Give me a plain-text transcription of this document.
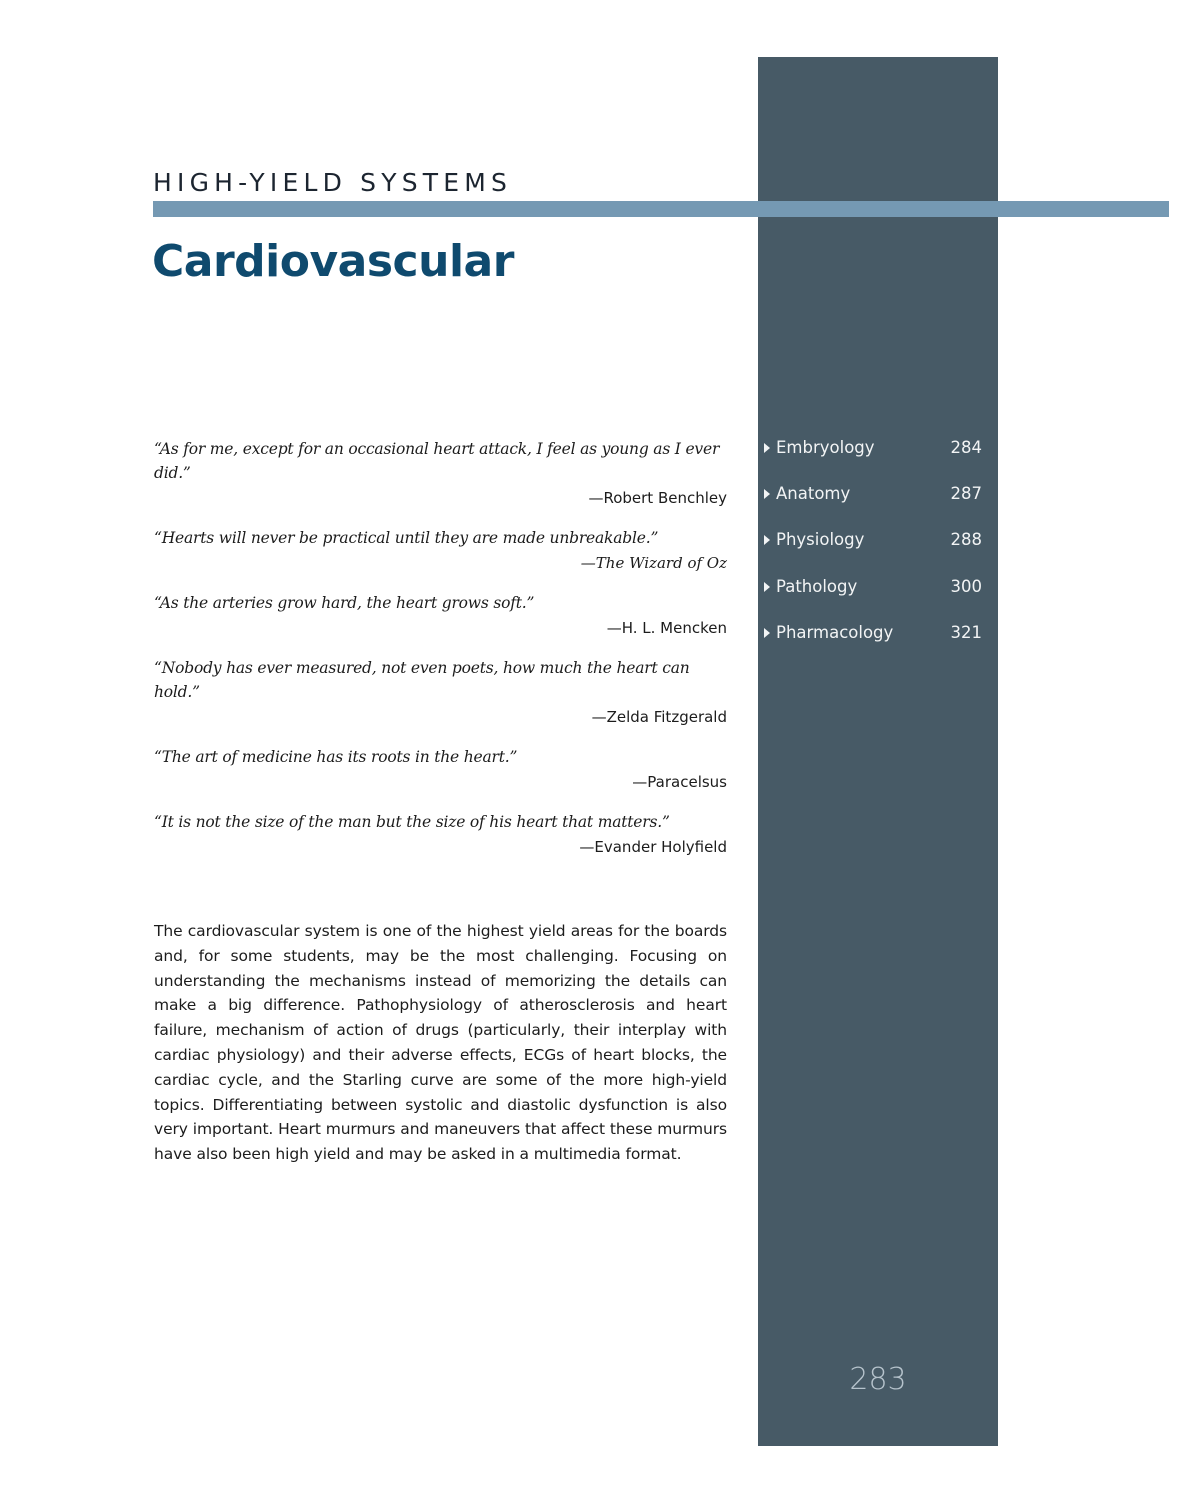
HIGH-YIELD SYSTEMS
Cardiovascular
“As for me, except for an occasional heart attack, I feel as young as I ever did.”
—Robert Benchley
“Hearts will never be practical until they are made unbreakable.”
—The Wizard of Oz
“As the arteries grow hard, the heart grows soft.”
—H. L. Mencken
“Nobody has ever measured, not even poets, how much the heart can hold.”
—Zelda Fitzgerald
“The art of medicine has its roots in the heart.”
—Paracelsus
“It is not the size of the man but the size of his heart that matters.”
—Evander Holyfield

The cardiovascular system is one of the highest yield areas for the boards and, for some students, may be the most challenging. Focusing on understanding the mechanisms instead of memorizing the details can make a big difference. Pathophysiology of atherosclerosis and heart failure, mechanism of action of drugs (particularly, their interplay with cardiac physiology) and their adverse effects, ECGs of heart blocks, the cardiac cycle, and the Starling curve are some of the more high-yield topics. Differentiating between systolic and diastolic dysfunction is also very important. Heart murmurs and maneuvers that affect these murmurs have also been high yield and may be asked in a multimedia format.

Embryology	284
Anatomy	287
Physiology	288
Pathology	300
Pharmacology	321
283
